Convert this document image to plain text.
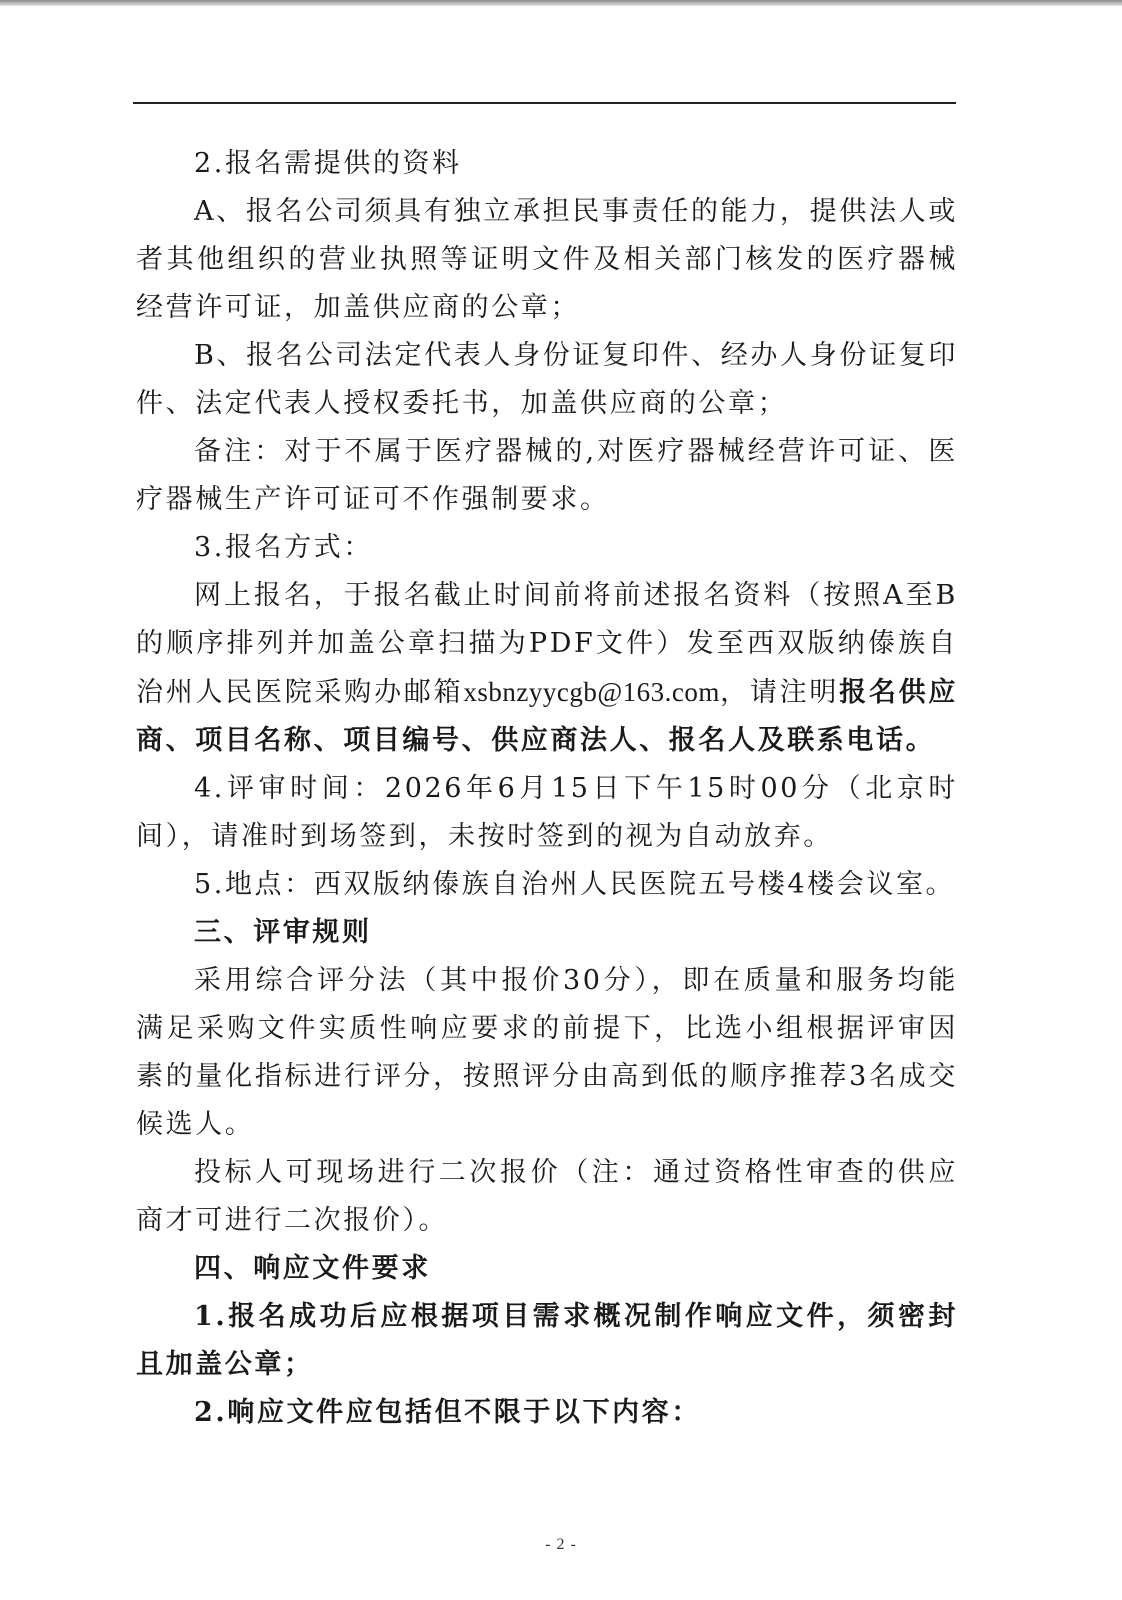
2.报名需提供的资料

A、报名公司须具有独立承担民事责任的能力，提供法人或者其他组织的营业执照等证明文件及相关部门核发的医疗器械经营许可证，加盖供应商的公章；

B、报名公司法定代表人身份证复印件、经办人身份证复印件、法定代表人授权委托书，加盖供应商的公章；

备注：对于不属于医疗器械的,对医疗器械经营许可证、医疗器械生产许可证可不作强制要求。

3.报名方式：

网上报名，于报名截止时间前将前述报名资料（按照A至B的顺序排列并加盖公章扫描为PDF文件）发至西双版纳傣族自治州人民医院采购办邮箱xsbnzyycgb@163.com，请注明报名供应商、项目名称、项目编号、供应商法人、报名人及联系电话。

4.评审时间：2026年6月15日下午15时00分（北京时间），请准时到场签到，未按时签到的视为自动放弃。

5.地点：西双版纳傣族自治州人民医院五号楼4楼会议室。

三、评审规则

采用综合评分法（其中报价30分），即在质量和服务均能满足采购文件实质性响应要求的前提下，比选小组根据评审因素的量化指标进行评分，按照评分由高到低的顺序推荐3名成交候选人。

投标人可现场进行二次报价（注：通过资格性审查的供应商才可进行二次报价）。

四、响应文件要求

1.报名成功后应根据项目需求概况制作响应文件，须密封且加盖公章；

2.响应文件应包括但不限于以下内容：

- 2 -
